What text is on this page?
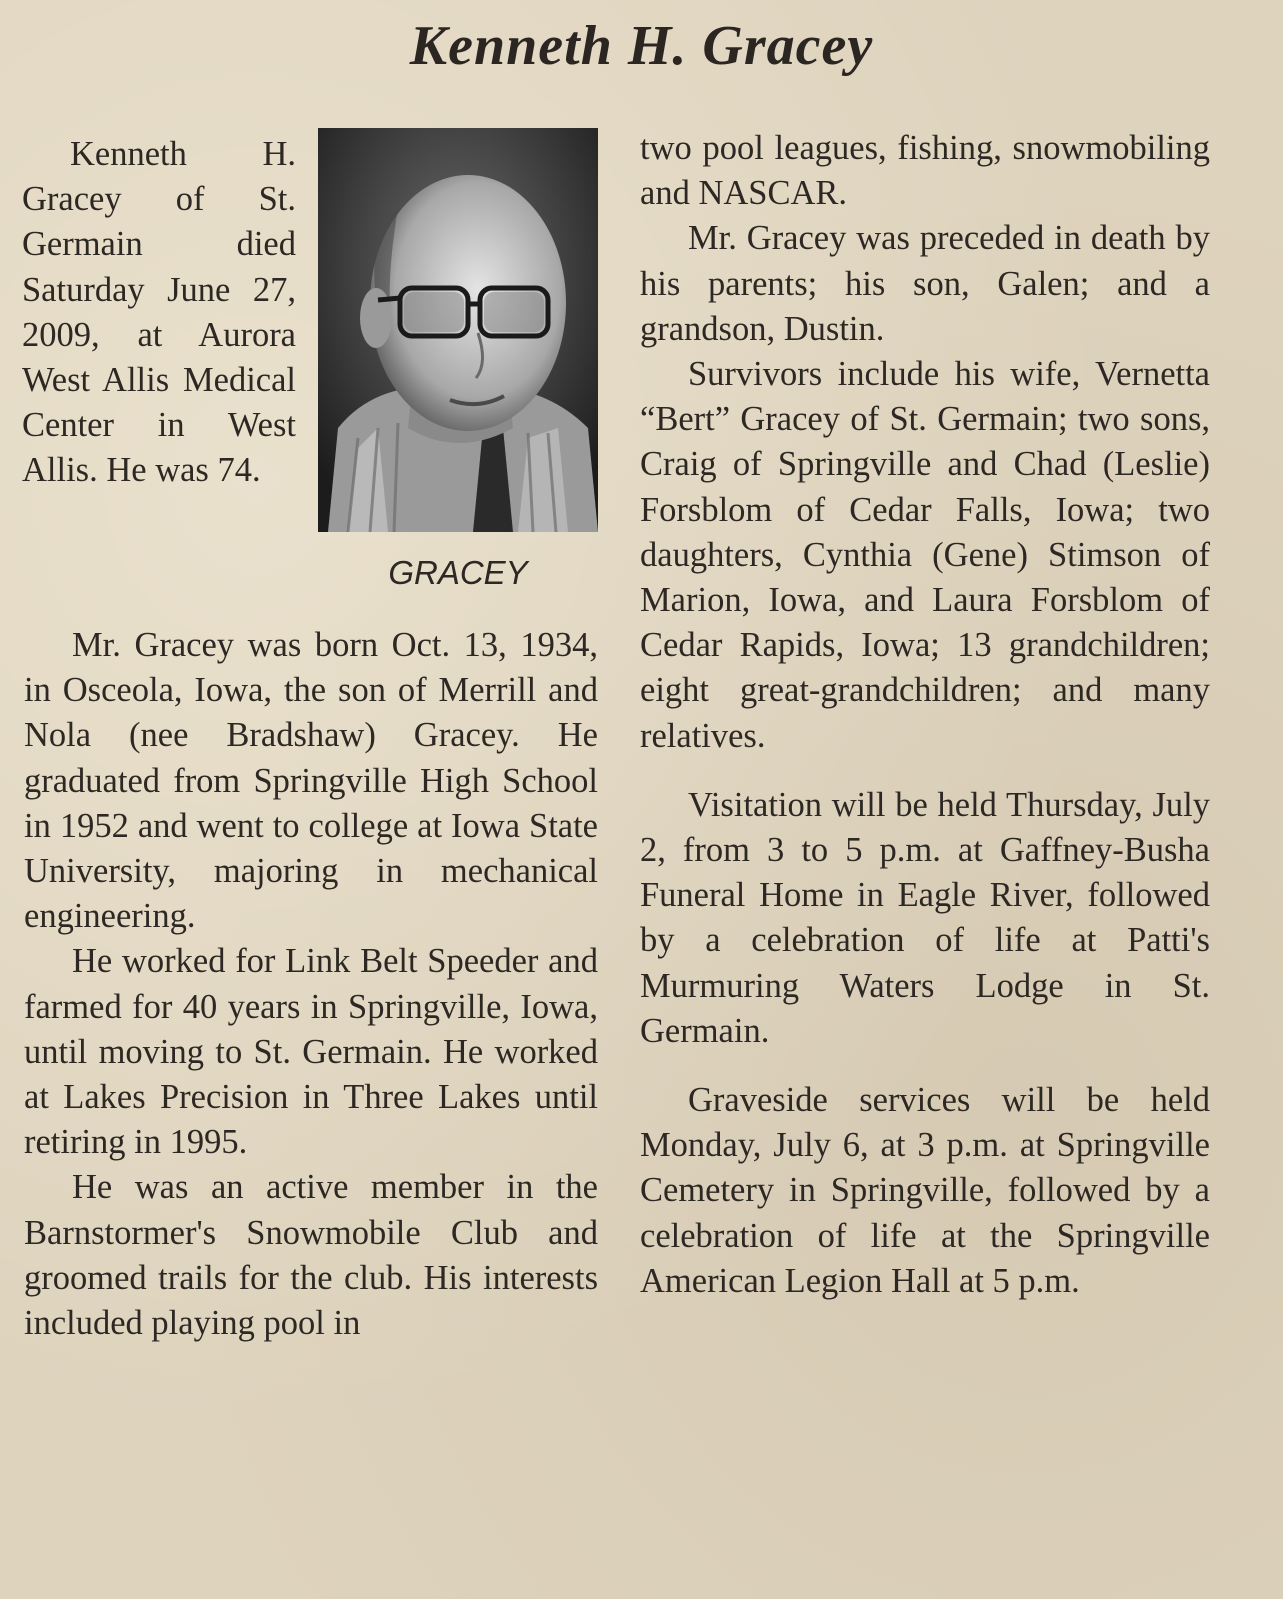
Kenneth H. Gracey

Kenneth H. Gracey of St. Germain died Saturday June 27, 2009, at Aurora West Allis Medical Center in West Allis. He was 74.

GRACEY

Mr. Gracey was born Oct. 13, 1934, in Osceola, Iowa, the son of Merrill and Nola (nee Bradshaw) Gracey. He graduated from Springville High School in 1952 and went to college at Iowa State University, majoring in mechanical engineering.

He worked for Link Belt Speeder and farmed for 40 years in Springville, Iowa, until moving to St. Germain. He worked at Lakes Precision in Three Lakes until retiring in 1995.

He was an active member in the Barnstormer's Snowmobile Club and groomed trails for the club. His interests included playing pool in

two pool leagues, fishing, snowmobiling and NASCAR.

Mr. Gracey was preceded in death by his parents; his son, Galen; and a grandson, Dustin.

Survivors include his wife, Vernetta “Bert” Gracey of St. Germain; two sons, Craig of Springville and Chad (Leslie) Forsblom of Cedar Falls, Iowa; two daughters, Cynthia (Gene) Stimson of Marion, Iowa, and Laura Forsblom of Cedar Rapids, Iowa; 13 grandchildren; eight great-grandchildren; and many relatives.

Visitation will be held Thursday, July 2, from 3 to 5 p.m. at Gaffney-Busha Funeral Home in Eagle River, followed by a celebration of life at Patti's Murmuring Waters Lodge in St. Germain.

Graveside services will be held Monday, July 6, at 3 p.m. at Springville Cemetery in Springville, followed by a celebration of life at the Springville American Legion Hall at 5 p.m.
